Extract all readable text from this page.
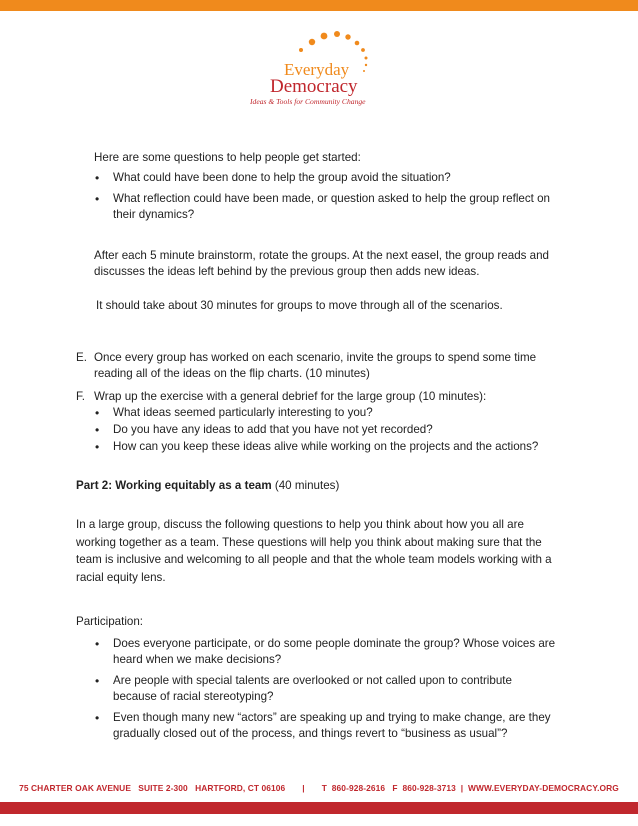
Everyday
Democracy
Ideas & Tools for Community Change
Here are some questions to help people get started:
• What could have been done to help the group avoid the situation?
• What reflection could have been made, or question asked to help the group reflect on their dynamics?
After each 5 minute brainstorm, rotate the groups. At the next easel, the group reads and discusses the ideas left behind by the previous group then adds new ideas.
It should take about 30 minutes for groups to move through all of the scenarios.
E. Once every group has worked on each scenario, invite the groups to spend some time reading all of the ideas on the flip charts. (10 minutes)
F. Wrap up the exercise with a general debrief for the large group (10 minutes):
• What ideas seemed particularly interesting to you?
• Do you have any ideas to add that you have not yet recorded?
• How can you keep these ideas alive while working on the projects and the actions?
Part 2: Working equitably as a team (40 minutes)
In a large group, discuss the following questions to help you think about how you all are working together as a team. These questions will help you think about making sure that the team is inclusive and welcoming to all people and that the whole team models working with a racial equity lens.
Participation:
• Does everyone participate, or do some people dominate the group? Whose voices are heard when we make decisions?
• Are people with special talents are overlooked or not called upon to contribute because of racial stereotyping?
• Even though many new “actors” are speaking up and trying to make change, are they gradually closed out of the process, and things revert to “business as usual”?
75 CHARTER OAK AVENUE   SUITE 2-300   HARTFORD, CT 06106       |       T  860-928-2616   F  860-928-3713  |  WWW.EVERYDAY-DEMOCRACY.ORG
